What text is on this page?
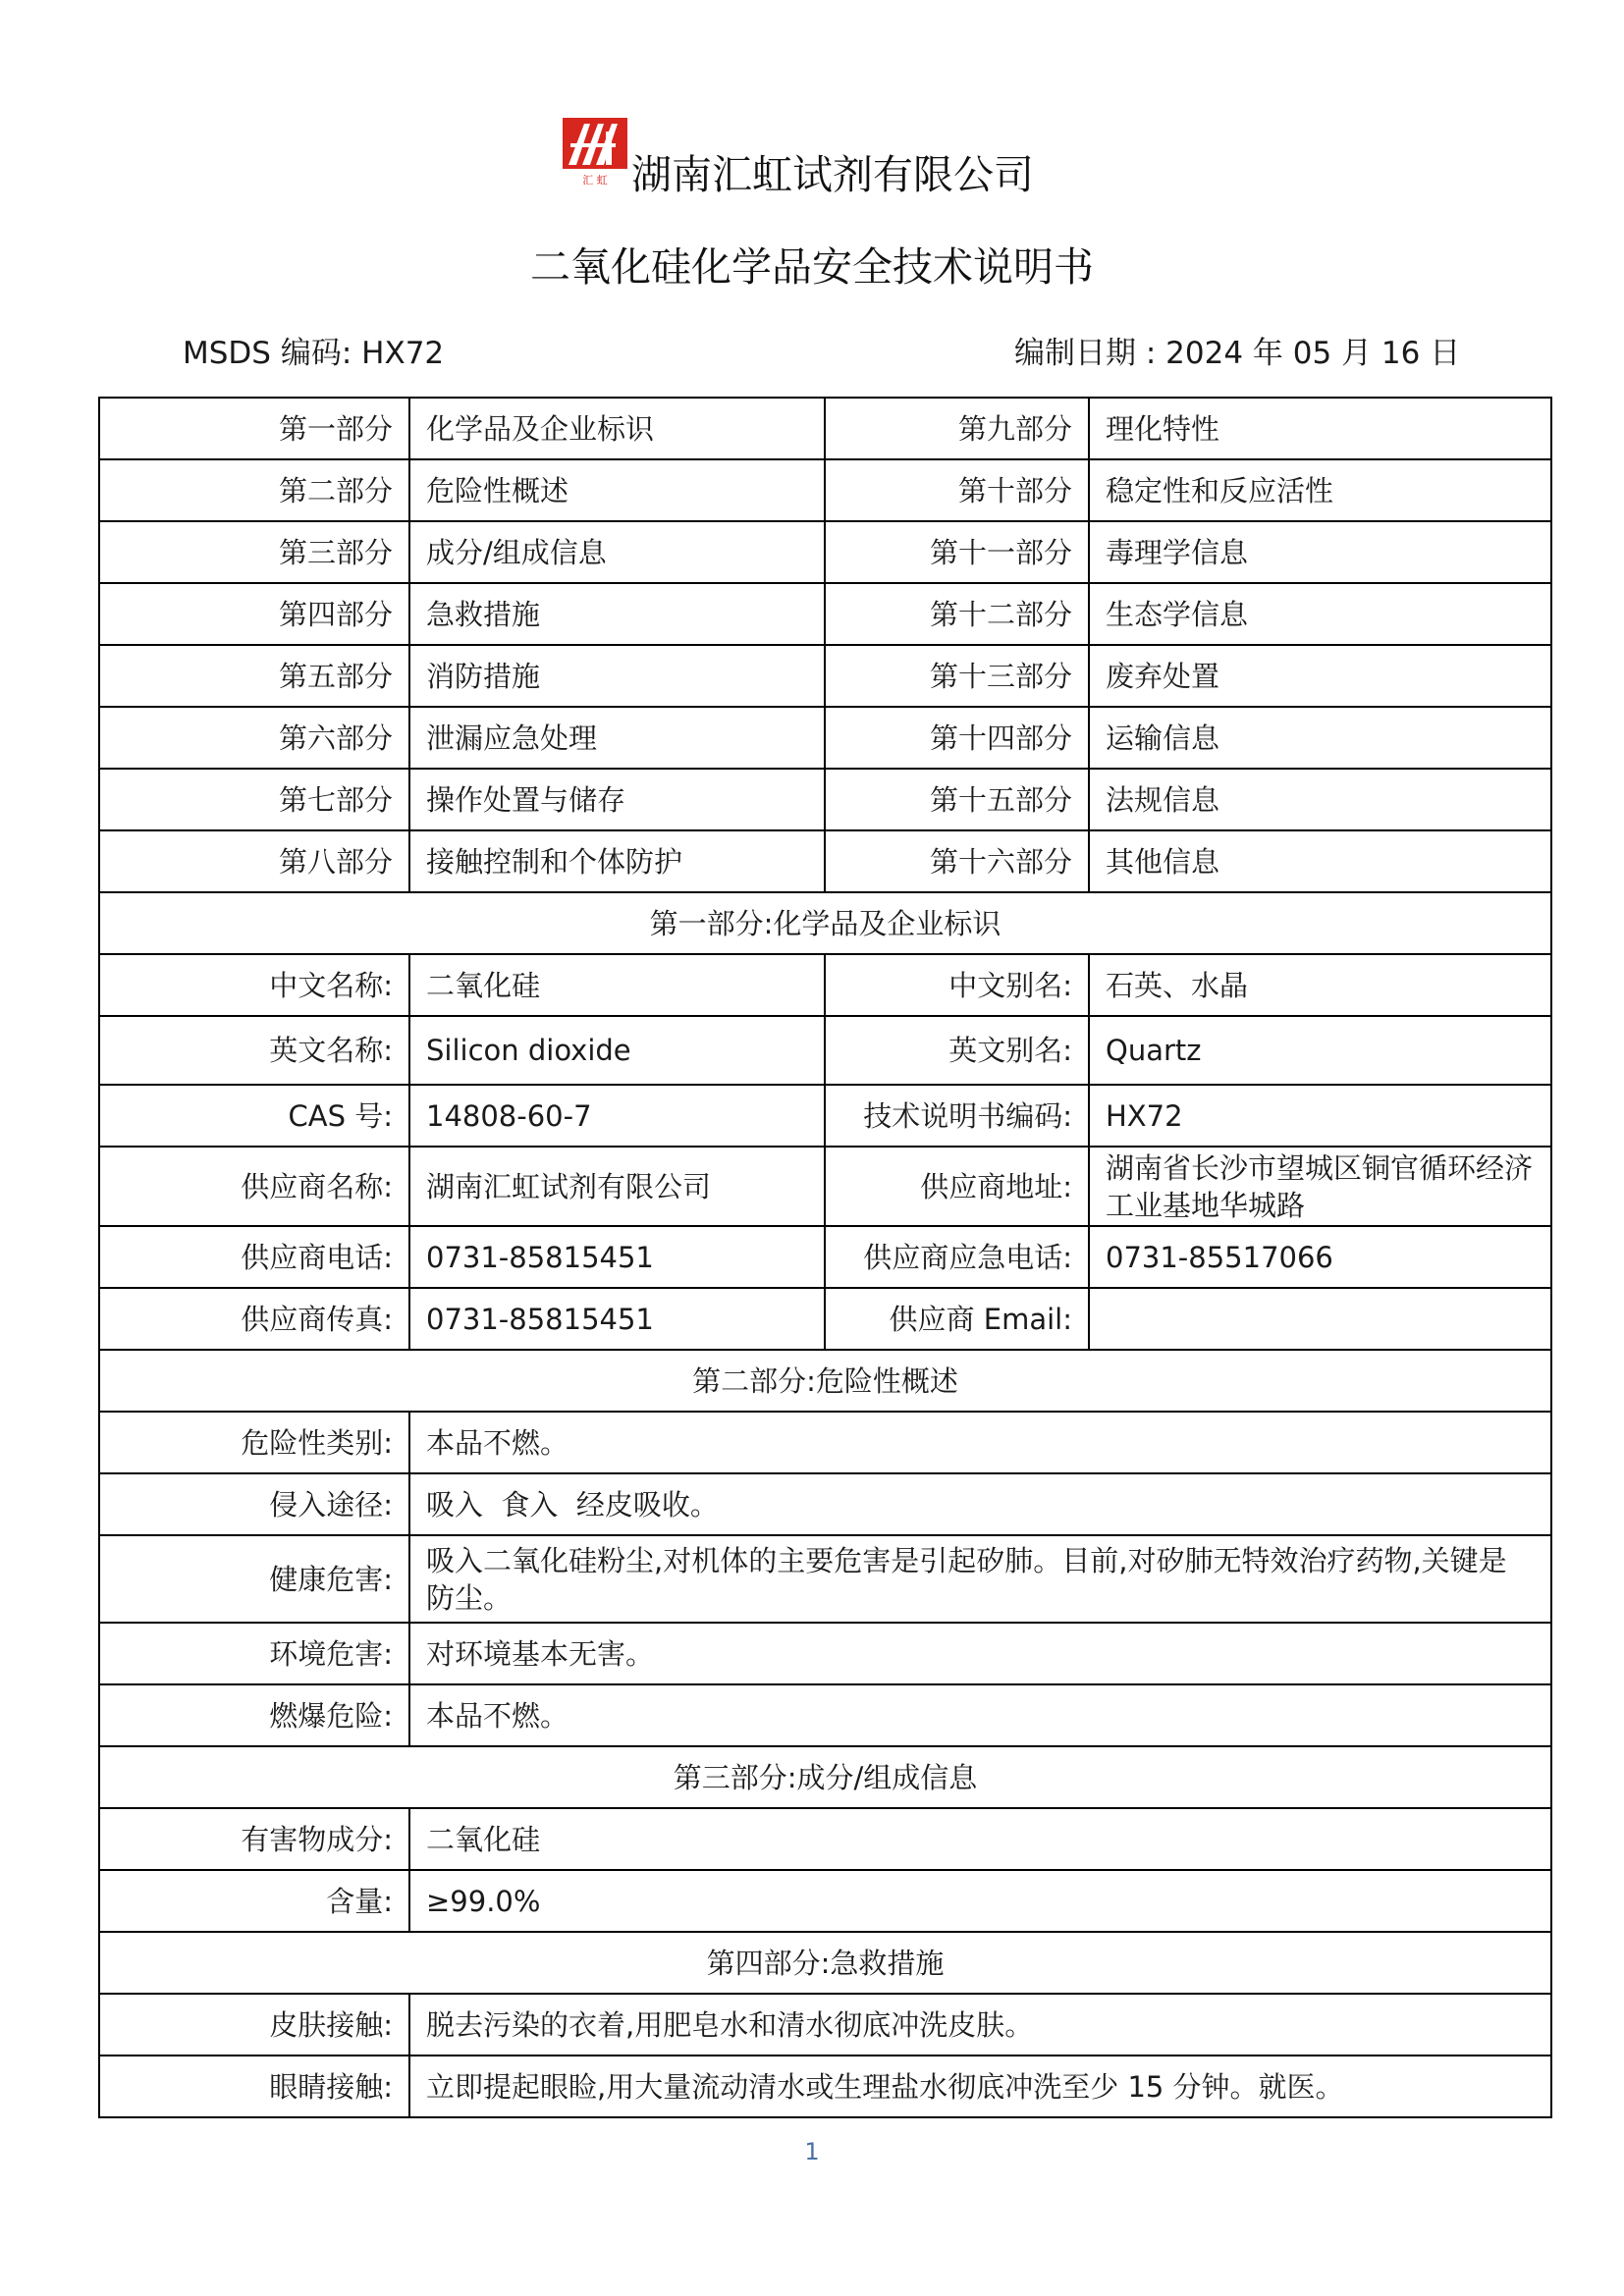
汇 虹 湖南汇虹试剂有限公司
二氧化硅化学品安全技术说明书
MSDS 编码: HX72	编制日期 : 2024 年 05 月 16 日
第一部分	化学品及企业标识	第九部分	理化特性
第二部分	危险性概述	第十部分	稳定性和反应活性
第三部分	成分/组成信息	第十一部分	毒理学信息
第四部分	急救措施	第十二部分	生态学信息
第五部分	消防措施	第十三部分	废弃处置
第六部分	泄漏应急处理	第十四部分	运输信息
第七部分	操作处置与储存	第十五部分	法规信息
第八部分	接触控制和个体防护	第十六部分	其他信息
第一部分:化学品及企业标识			
中文名称:	二氧化硅	中文别名:	石英、水晶
英文名称:	Silicon dioxide	英文别名:	Quartz
CAS 号:	14808-60-7	技术说明书编码:	HX72
供应商名称:	湖南汇虹试剂有限公司	供应商地址:	湖南省长沙市望城区铜官循环经济工业基地华城路
供应商电话:	0731-85815451	供应商应急电话:	0731-85517066
供应商传真:	0731-85815451	供应商 Email:	
第二部分:危险性概述			
危险性类别:	本品不燃。		
侵入途径:	吸入  食入  经皮吸收。		
健康危害:	吸入二氧化硅粉尘,对机体的主要危害是引起矽肺。目前,对矽肺无特效治疗药物,关键是防尘。		
环境危害:	对环境基本无害。		
燃爆危险:	本品不燃。		
第三部分:成分/组成信息			
有害物成分:	二氧化硅		
含量:	≥99.0%		
第四部分:急救措施			
皮肤接触:	脱去污染的衣着,用肥皂水和清水彻底冲洗皮肤。		
眼睛接触:	立即提起眼睑,用大量流动清水或生理盐水彻底冲洗至少 15 分钟。就医。		
1
